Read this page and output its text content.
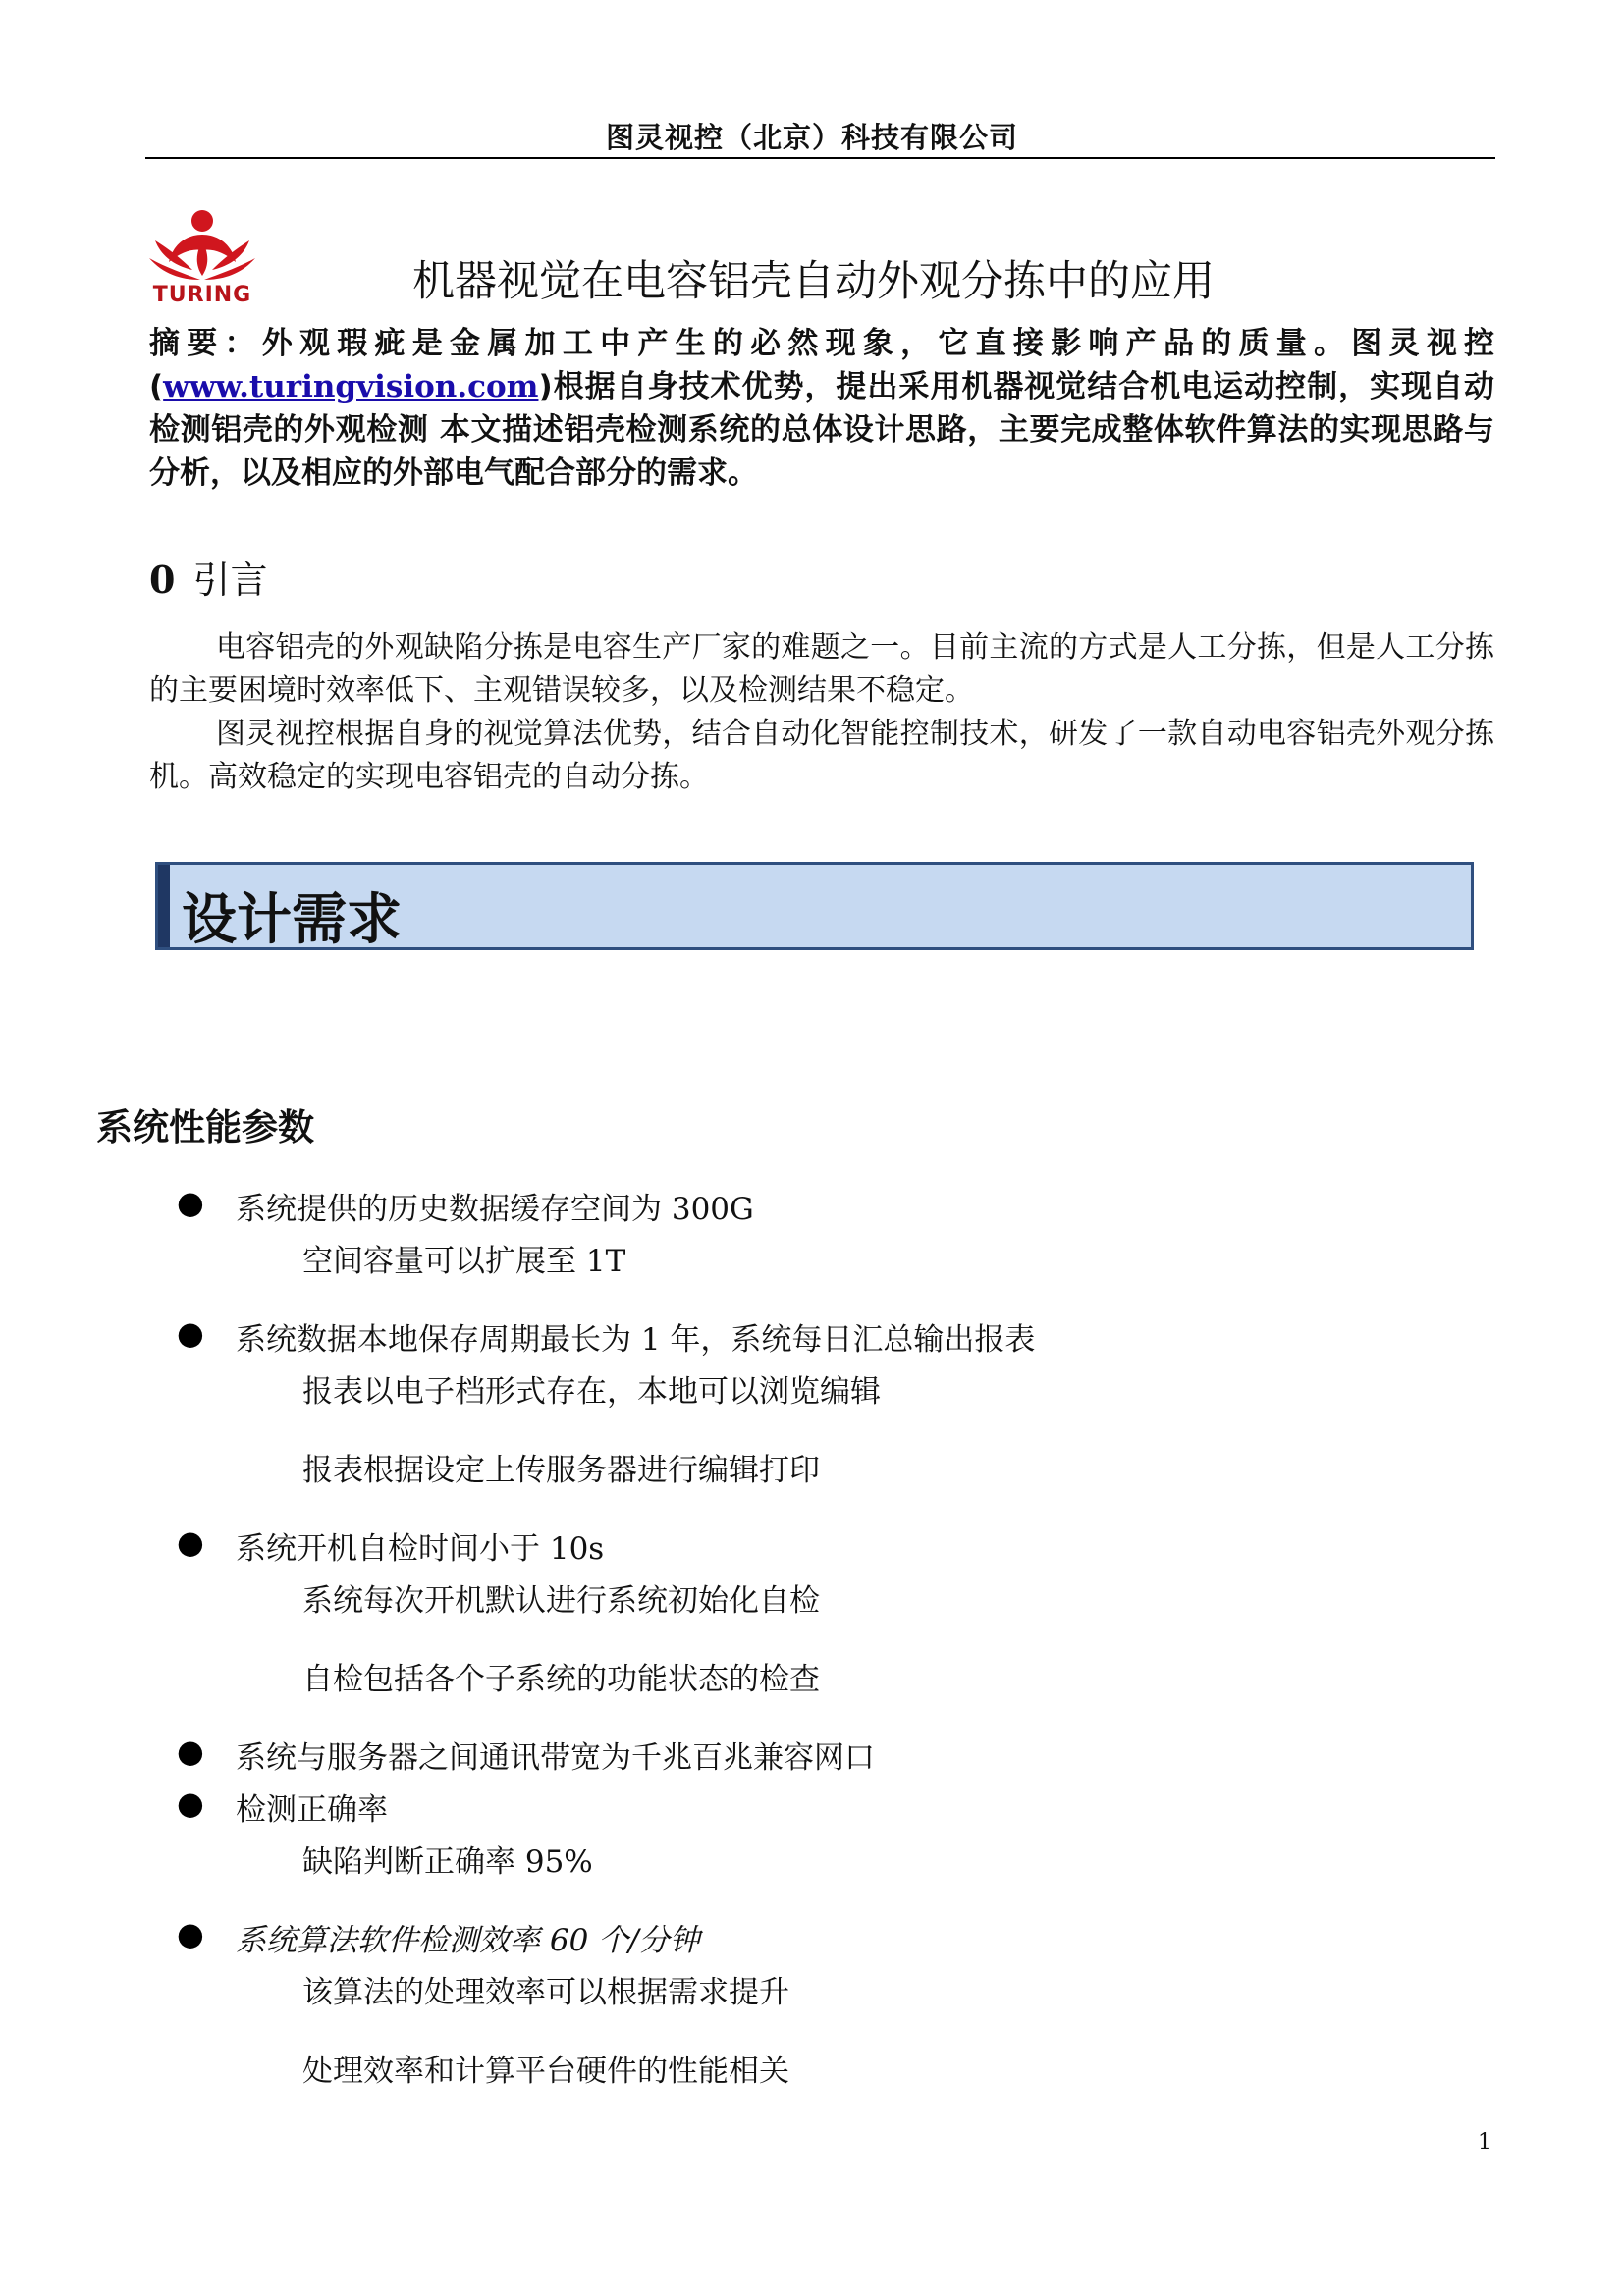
图灵视控（北京）科技有限公司
TURING	机器视觉在电容铝壳自动外观分拣中的应用
摘要：外观瑕疵是金属加工中产生的必然现象，它直接影响产品的质量。图灵视控(www.turingvision.com)根据自身技术优势，提出采用机器视觉结合机电运动控制，实现自动检测铝壳的外观检测 本文描述铝壳检测系统的总体设计思路，主要完成整体软件算法的实现思路与分析，以及相应的外部电气配合部分的需求。
0 引言
电容铝壳的外观缺陷分拣是电容生产厂家的难题之一。目前主流的方式是人工分拣，但是人工分拣的主要困境时效率低下、主观错误较多，以及检测结果不稳定。
图灵视控根据自身的视觉算法优势，结合自动化智能控制技术，研发了一款自动电容铝壳外观分拣机。高效稳定的实现电容铝壳的自动分拣。
设计需求
系统性能参数
● 系统提供的历史数据缓存空间为 300G
空间容量可以扩展至 1T
● 系统数据本地保存周期最长为 1 年，系统每日汇总输出报表
报表以电子档形式存在，本地可以浏览编辑
报表根据设定上传服务器进行编辑打印
● 系统开机自检时间小于 10s
系统每次开机默认进行系统初始化自检
自检包括各个子系统的功能状态的检查
● 系统与服务器之间通讯带宽为千兆百兆兼容网口
● 检测正确率
缺陷判断正确率 95%
● 系统算法软件检测效率 60 个/分钟
该算法的处理效率可以根据需求提升
处理效率和计算平台硬件的性能相关
1
